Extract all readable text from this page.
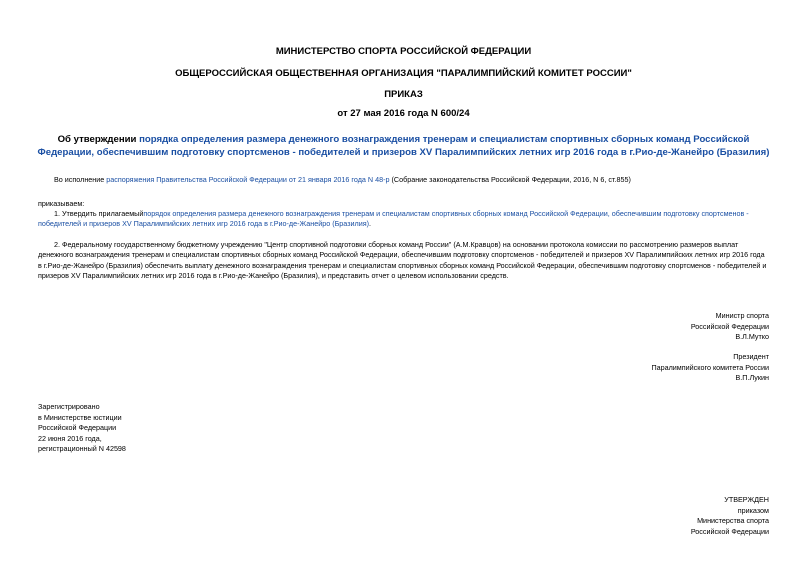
МИНИСТЕРСТВО СПОРТА РОССИЙСКОЙ ФЕДЕРАЦИИ
ОБЩЕРОССИЙСКАЯ ОБЩЕСТВЕННАЯ ОРГАНИЗАЦИЯ "ПАРАЛИМПИЙСКИЙ КОМИТЕТ РОССИИ"
ПРИКАЗ
от 27 мая 2016 года N 600/24
Об утверждении порядка определения размера денежного вознаграждения тренерам и специалистам спортивных сборных команд Российской Федерации, обеспечившим подготовку спортсменов - победителей и призеров XV Паралимпийских летних игр 2016 года в г.Рио-де-Жанейро (Бразилия)
Во исполнение распоряжения Правительства Российской Федерации от 21 января 2016 года N 48-р (Собрание законодательства Российской Федерации, 2016, N 6, ст.855)
приказываем:
1. Утвердить прилагаемыйпорядок определения размера денежного вознаграждения тренерам и специалистам спортивных сборных команд Российской Федерации, обеспечившим подготовку спортсменов - победителей и призеров XV Паралимпийских летних игр 2016 года в г.Рио-де-Жанейро (Бразилия).
2. Федеральному государственному бюджетному учреждению "Центр спортивной подготовки сборных команд России" (А.М.Кравцов) на основании протокола комиссии по рассмотрению размеров выплат денежного вознаграждения тренерам и специалистам спортивных сборных команд Российской Федерации, обеспечившим подготовку спортсменов - победителей и призеров XV Паралимпийских летних игр 2016 года в г.Рио-де-Жанейро (Бразилия) обеспечить выплату денежного вознаграждения тренерам и специалистам спортивных сборных команд Российской Федерации, обеспечившим подготовку спортсменов - победителей и призеров XV Паралимпийских летних игр 2016 года в г.Рио-де-Жанейро (Бразилия), и представить отчет о целевом использовании средств.
Министр спорта
Российской Федерации
В.Л.Мутко
Президент
Паралимпийского комитета России
В.П.Лукин
Зарегистрировано
в Министерстве юстиции
Российской Федерации
22 июня 2016 года,
регистрационный N 42598
УТВЕРЖДЕН
приказом
Министерства спорта
Российской Федерации
